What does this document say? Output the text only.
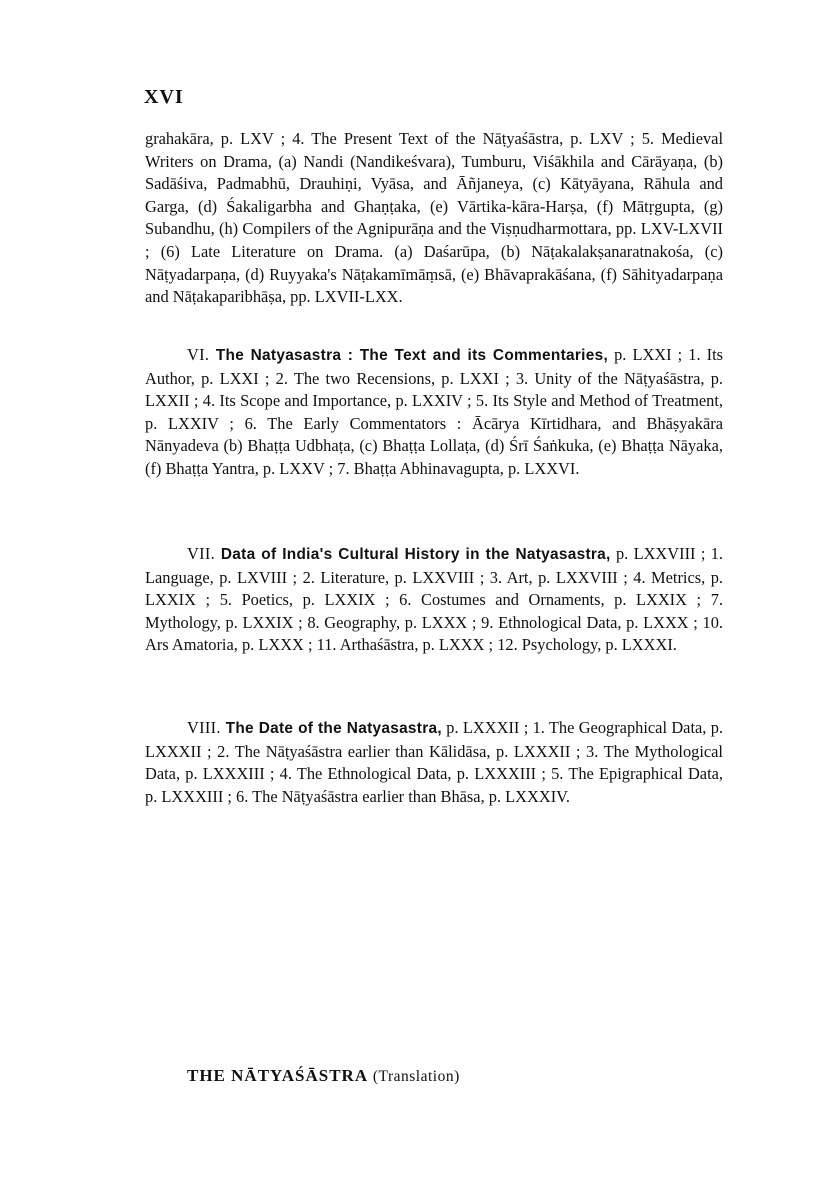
XVI

grahakāra, p. LXV ; 4. The Present Text of the Nāṭyaśāstra, p. LXV ; 5. Medieval Writers on Drama, (a) Nandi (Nandikeśvara), Tumburu, Viśākhila and Cārāyaṇa, (b) Sadāśiva, Padmabhū, Drauhiṇi, Vyāsa, and Āñjaneya, (c) Kātyāyana, Rāhula and Garga, (d) Śakaligarbha and Ghaṇṭaka, (e) Vārtika-kāra-Harṣa, (f) Mātṛgupta, (g) Subandhu, (h) Compilers of the Agnipurāṇa and the Viṣṇudharmottara, pp. LXV-LXVII ; (6) Late Literature on Drama. (a) Daśarūpa, (b) Nāṭakalakṣanaratnakośa, (c) Nāṭyadarpaṇa, (d) Ruyyaka's Nāṭakamīmāṃsā, (e) Bhāvaprakāśana, (f) Sāhityadarpaṇa and Nāṭakaparibhāṣa, pp. LXVII-LXX.

VI. The Natyasastra : The Text and its Commentaries, p. LXXI ; 1. Its Author, p. LXXI ; 2. The two Recensions, p. LXXI ; 3. Unity of the Nāṭyaśāstra, p. LXXII ; 4. Its Scope and Importance, p. LXXIV ; 5. Its Style and Method of Treatment, p. LXXIV ; 6. The Early Commentators : Ācārya Kīrtidhara, and Bhāṣyakāra Nānyadeva (b) Bhaṭṭa Udbhaṭa, (c) Bhaṭṭa Lollaṭa, (d) Śrī Śaṅkuka, (e) Bhaṭṭa Nāyaka, (f) Bhaṭṭa Yantra, p. LXXV ; 7. Bhaṭṭa Abhinavagupta, p. LXXVI.

VII. Data of India's Cultural History in the Natyasastra, p. LXXVIII ; 1. Language, p. LXVIII ; 2. Literature, p. LXXVIII ; 3. Art, p. LXXVIII ; 4. Metrics, p. LXXIX ; 5. Poetics, p. LXXIX ; 6. Costumes and Ornaments, p. LXXIX ; 7. Mythology, p. LXXIX ; 8. Geography, p. LXXX ; 9. Ethnological Data, p. LXXX ; 10. Ars Amatoria, p. LXXX ; 11. Arthaśāstra, p. LXXX ; 12. Psychology, p. LXXXI.

VIII. The Date of the Natyasastra, p. LXXXII ; 1. The Geographical Data, p. LXXXII ; 2. The Nāṭyaśāstra earlier than Kālidāsa, p. LXXXII ; 3. The Mythological Data, p. LXXXIII ; 4. The Ethnological Data, p. LXXXIII ; 5. The Epigraphical Data, p. LXXXIII ; 6. The Nāṭyaśāstra earlier than Bhāsa, p. LXXXIV.

THE NĀTYAŚĀSTRA (Translation)
